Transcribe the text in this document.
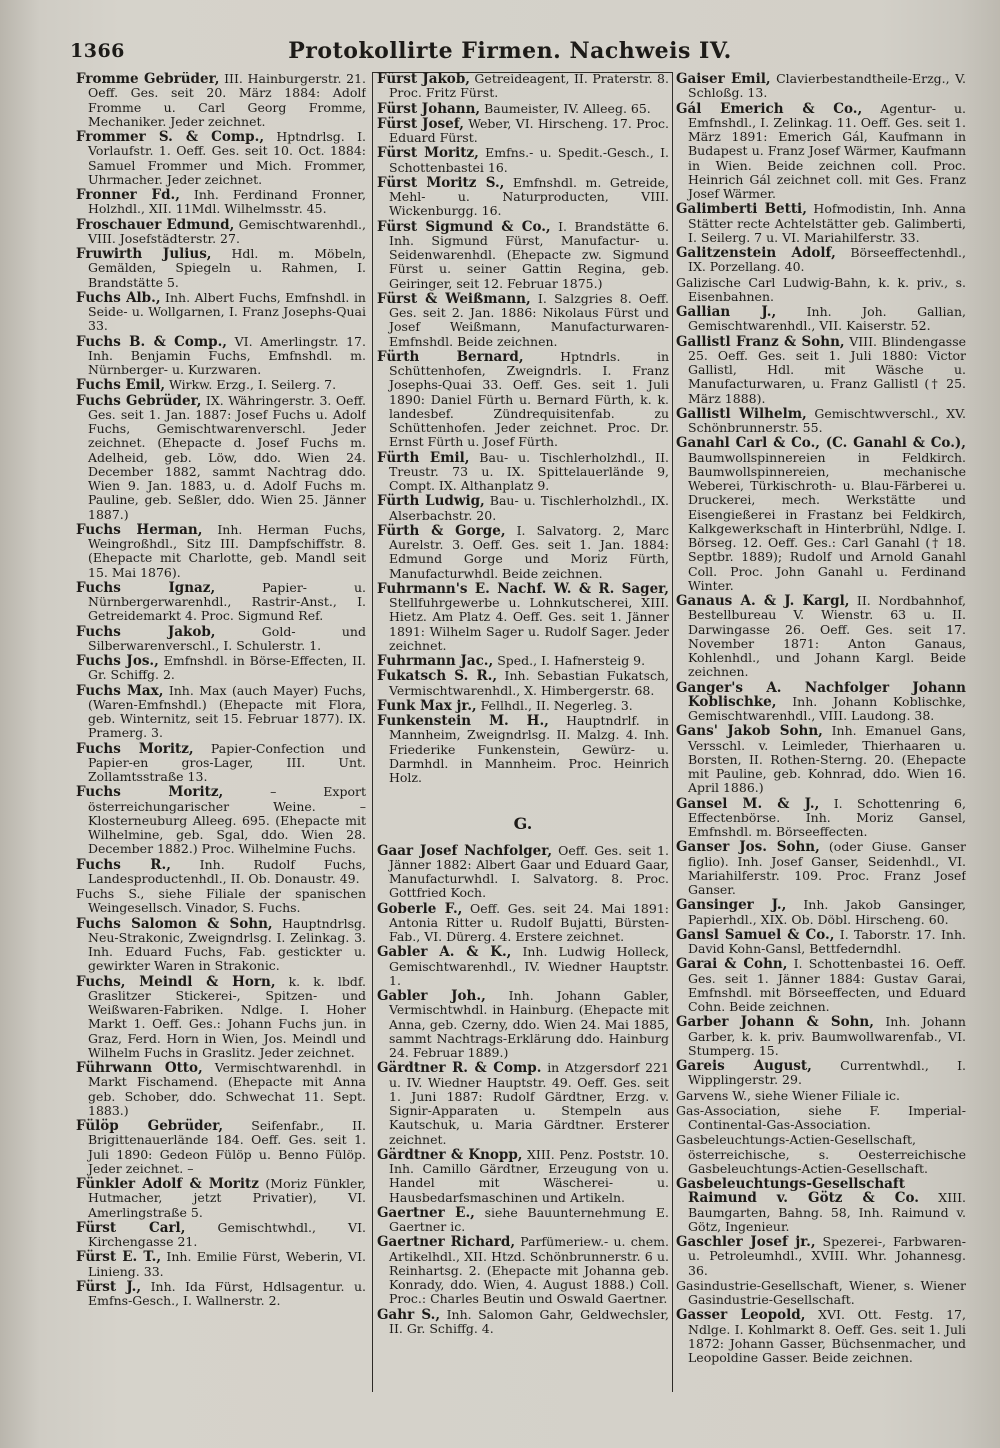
1366	Protokollirte Firmen. Nachweis IV.

Fromme Gebrüder, III. Hainburgerstr. 21. Oeff. Ges. seit 20. März 1884: Adolf Fromme u. Carl Georg Fromme, Mechaniker. Jeder zeichnet.

Frommer S. & Comp., Hptndrlsg. I. Vorlaufstr. 1. Oeff. Ges. seit 10. Oct. 1884: Samuel Frommer und Mich. Frommer, Uhrmacher. Jeder zeichnet.

Fronner Fd., Inh. Ferdinand Fronner, Holzhdl., XII. 11Mdl. Wilhelmsstr. 45.

Froschauer Edmund, Gemischtwarenhdl., VIII. Josefstädterstr. 27.

Fruwirth Julius, Hdl. m. Möbeln, Gemälden, Spiegeln u. Rahmen, I. Brandstätte 5.

Fuchs Alb., Inh. Albert Fuchs, Emfnshdl. in Seide- u. Wollgarnen, I. Franz Josephs-Quai 33.

Fuchs B. & Comp., VI. Amerlingstr. 17. Inh. Benjamin Fuchs, Emfnshdl. m. Nürnberger- u. Kurzwaren.

Fuchs Emil, Wirkw. Erzg., I. Seilerg. 7.

Fuchs Gebrüder, IX. Währingerstr. 3. Oeff. Ges. seit 1. Jan. 1887: Josef Fuchs u. Adolf Fuchs, Gemischtwarenverschl. Jeder zeichnet. (Ehepacte d. Josef Fuchs m. Adelheid, geb. Löw, ddo. Wien 24. December 1882, sammt Nachtrag ddo. Wien 9. Jan. 1883, u. d. Adolf Fuchs m. Pauline, geb. Seßler, ddo. Wien 25. Jänner 1887.)

Fuchs Herman, Inh. Herman Fuchs, Weingroßhdl., Sitz III. Dampfschiffstr. 8. (Ehepacte mit Charlotte, geb. Mandl seit 15. Mai 1876).

Fuchs Ignaz, Papier- u. Nürnbergerwarenhdl., Rastrir-Anst., I. Getreidemarkt 4. Proc. Sigmund Ref.

Fuchs Jakob, Gold- und Silberwarenverschl., I. Schulerstr. 1.

Fuchs Jos., Emfnshdl. in Börse-Effecten, II. Gr. Schiffg. 2.

Fuchs Max, Inh. Max (auch Mayer) Fuchs, (Waren-Emfnshdl.) (Ehepacte mit Flora, geb. Winternitz, seit 15. Februar 1877). IX. Pramerg. 3.

Fuchs Moritz, Papier-Confection und Papier-en gros-Lager, III. Unt. Zollamtsstraße 13.

Fuchs Moritz, – Export österreichungarischer Weine. – Klosterneuburg Alleeg. 695. (Ehepacte mit Wilhelmine, geb. Sgal, ddo. Wien 28. December 1882.) Proc. Wilhelmine Fuchs.

Fuchs R., Inh. Rudolf Fuchs, Landesproductenhdl., II. Ob. Donaustr. 49.

Fuchs S., siehe Filiale der spanischen Weingesellsch. Vinador, S. Fuchs.

Fuchs Salomon & Sohn, Hauptndrlsg. Neu-Strakonic, Zweigndrlsg. I. Zelinkag. 3. Inh. Eduard Fuchs, Fab. gestickter u. gewirkter Waren in Strakonic.

Fuchs, Meindl & Horn, k. k. lbdf. Graslitzer Stickerei-, Spitzen- und Weißwaren-Fabriken. Ndlge. I. Hoher Markt 1. Oeff. Ges.: Johann Fuchs jun. in Graz, Ferd. Horn in Wien, Jos. Meindl und Wilhelm Fuchs in Graslitz. Jeder zeichnet.

Führwann Otto, Vermischtwarenhdl. in Markt Fischamend. (Ehepacte mit Anna geb. Schober, ddo. Schwechat 11. Sept. 1883.)

Fülöp Gebrüder, Seifenfabr., II. Brigittenauerlände 184. Oeff. Ges. seit 1. Juli 1890: Gedeon Fülöp u. Benno Fülöp. Jeder zeichnet. –

Fünkler Adolf & Moritz (Moriz Fünkler, Hutmacher, jetzt Privatier), VI. Amerlingstraße 5.

Fürst Carl, Gemischtwhdl., VI. Kirchengasse 21.

Fürst E. T., Inh. Emilie Fürst, Weberin, VI. Linieng. 33.

Fürst J., Inh. Ida Fürst, Hdlsagentur. u. Emfns-Gesch., I. Wallnerstr. 2.

Fürst Jakob, Getreideagent, II. Praterstr. 8. Proc. Fritz Fürst.

Fürst Johann, Baumeister, IV. Alleeg. 65.

Fürst Josef, Weber, VI. Hirscheng. 17. Proc. Eduard Fürst.

Fürst Moritz, Emfns.- u. Spedit.-Gesch., I. Schottenbastei 16.

Fürst Moritz S., Emfnshdl. m. Getreide, Mehl- u. Naturproducten, VIII. Wickenburgg. 16.

Fürst Sigmund & Co., I. Brandstätte 6. Inh. Sigmund Fürst, Manufactur- u. Seidenwarenhdl. (Ehepacte zw. Sigmund Fürst u. seiner Gattin Regina, geb. Geiringer, seit 12. Februar 1875.)

Fürst & Weißmann, I. Salzgries 8. Oeff. Ges. seit 2. Jan. 1886: Nikolaus Fürst und Josef Weißmann, Manufacturwaren-Emfnshdl. Beide zeichnen.

Fürth Bernard, Hptndrls. in Schüttenhofen, Zweigndrls. I. Franz Josephs-Quai 33. Oeff. Ges. seit 1. Juli 1890: Daniel Fürth u. Bernard Fürth, k. k. landesbef. Zündrequisitenfab. zu Schüttenhofen. Jeder zeichnet. Proc. Dr. Ernst Fürth u. Josef Fürth.

Fürth Emil, Bau- u. Tischlerholzhdl., II. Treustr. 73 u. IX. Spittelauerlände 9, Compt. IX. Althanplatz 9.

Fürth Ludwig, Bau- u. Tischlerholzhdl., IX. Alserbachstr. 20.

Fürth & Gorge, I. Salvatorg. 2, Marc Aurelstr. 3. Oeff. Ges. seit 1. Jan. 1884: Edmund Gorge und Moriz Fürth, Manufacturwhdl. Beide zeichnen.

Fuhrmann's E. Nachf. W. & R. Sager, Stellfuhrgewerbe u. Lohnkutscherei, XIII. Hietz. Am Platz 4. Oeff. Ges. seit 1. Jänner 1891: Wilhelm Sager u. Rudolf Sager. Jeder zeichnet.

Fuhrmann Jac., Sped., I. Hafnersteig 9.

Fukatsch S. R., Inh. Sebastian Fukatsch, Vermischtwarenhdl., X. Himbergerstr. 68.

Funk Max jr., Fellhdl., II. Negerleg. 3.

Funkenstein M. H., Hauptndrlf. in Mannheim, Zweigndrlsg. II. Malzg. 4. Inh. Friederike Funkenstein, Gewürz- u. Darmhdl. in Mannheim. Proc. Heinrich Holz.

G.

Gaar Josef Nachfolger, Oeff. Ges. seit 1. Jänner 1882: Albert Gaar und Eduard Gaar, Manufacturwhdl. I. Salvatorg. 8. Proc. Gottfried Koch.

Goberle F., Oeff. Ges. seit 24. Mai 1891: Antonia Ritter u. Rudolf Bujatti, Bürsten-Fab., VI. Dürerg. 4. Erstere zeichnet.

Gabler A. & K., Inh. Ludwig Holleck, Gemischtwarenhdl., IV. Wiedner Hauptstr. 1.

Gabler Joh., Inh. Johann Gabler, Vermischtwhdl. in Hainburg. (Ehepacte mit Anna, geb. Czerny, ddo. Wien 24. Mai 1885, sammt Nachtrags-Erklärung ddo. Hainburg 24. Februar 1889.)

Gärdtner R. & Comp. in Atzgersdorf 221 u. IV. Wiedner Hauptstr. 49. Oeff. Ges. seit 1. Juni 1887: Rudolf Gärdtner, Erzg. v. Signir-Apparaten u. Stempeln aus Kautschuk, u. Maria Gärdtner. Ersterer zeichnet.

Gärdtner & Knopp, XIII. Penz. Poststr. 10. Inh. Camillo Gärdtner, Erzeugung von u. Handel mit Wäscherei- u. Hausbedarfsmaschinen und Artikeln.

Gaertner E., siehe Bauunternehmung E. Gaertner ic.

Gaertner Richard, Parfümeriew.- u. chem. Artikelhdl., XII. Htzd. Schönbrunnerstr. 6 u. Reinhartsg. 2. (Ehepacte mit Johanna geb. Konrady, ddo. Wien, 4. August 1888.) Coll. Proc.: Charles Beutin und Oswald Gaertner.

Gahr S., Inh. Salomon Gahr, Geldwechsler, II. Gr. Schiffg. 4.

Gaiser Emil, Clavierbestandtheile-Erzg., V. Schloßg. 13.

Gál Emerich & Co., Agentur- u. Emfnshdl., I. Zelinkag. 11. Oeff. Ges. seit 1. März 1891: Emerich Gál, Kaufmann in Budapest u. Franz Josef Wärmer, Kaufmann in Wien. Beide zeichnen coll. Proc. Heinrich Gál zeichnet coll. mit Ges. Franz Josef Wärmer.

Galimberti Betti, Hofmodistin, Inh. Anna Stätter recte Achtelstätter geb. Galimberti, I. Seilerg. 7 u. VI. Mariahilferstr. 33.

Galitzenstein Adolf, Börseeffectenhdl., IX. Porzellang. 40.

Galizische Carl Ludwig-Bahn, k. k. priv., s. Eisenbahnen.

Gallian J., Inh. Joh. Gallian, Gemischtwarenhdl., VII. Kaiserstr. 52.

Gallistl Franz & Sohn, VIII. Blindengasse 25. Oeff. Ges. seit 1. Juli 1880: Victor Gallistl, Hdl. mit Wäsche u. Manufacturwaren, u. Franz Gallistl († 25. März 1888).

Gallistl Wilhelm, Gemischtwverschl., XV. Schönbrunnerstr. 55.

Ganahl Carl & Co., (C. Ganahl & Co.), Baumwollspinnereien in Feldkirch. Baumwollspinnereien, mechanische Weberei, Türkischroth- u. Blau-Färberei u. Druckerei, mech. Werkstätte und Eisengießerei in Frastanz bei Feldkirch, Kalkgewerkschaft in Hinterbrühl, Ndlge. I. Börseg. 12. Oeff. Ges.: Carl Ganahl († 18. Septbr. 1889); Rudolf und Arnold Ganahl Coll. Proc. John Ganahl u. Ferdinand Winter.

Ganaus A. & J. Kargl, II. Nordbahnhof, Bestellbureau V. Wienstr. 63 u. II. Darwingasse 26. Oeff. Ges. seit 17. November 1871: Anton Ganaus, Kohlenhdl., und Johann Kargl. Beide zeichnen.

Ganger's A. Nachfolger Johann Koblischke, Inh. Johann Koblischke, Gemischtwarenhdl., VIII. Laudong. 38.

Gans' Jakob Sohn, Inh. Emanuel Gans, Versschl. v. Leimleder, Thierhaaren u. Borsten, II. Rothen-Sterng. 20. (Ehepacte mit Pauline, geb. Kohnrad, ddo. Wien 16. April 1886.)

Gansel M. & J., I. Schottenring 6, Effectenbörse. Inh. Moriz Gansel, Emfnshdl. m. Börseeffecten.

Ganser Jos. Sohn, (oder Giuse. Ganser figlio). Inh. Josef Ganser, Seidenhdl., VI. Mariahilferstr. 109. Proc. Franz Josef Ganser.

Gansinger J., Inh. Jakob Gansinger, Papierhdl., XIX. Ob. Döbl. Hirscheng. 60.

Gansl Samuel & Co., I. Taborstr. 17. Inh. David Kohn-Gansl, Bettfederndhl.

Garai & Cohn, I. Schottenbastei 16. Oeff. Ges. seit 1. Jänner 1884: Gustav Garai, Emfnshdl. mit Börseeffecten, und Eduard Cohn. Beide zeichnen.

Garber Johann & Sohn, Inh. Johann Garber, k. k. priv. Baumwollwarenfab., VI. Stumperg. 15.

Gareis August, Currentwhdl., I. Wipplingerstr. 29.

Garvens W., siehe Wiener Filiale ic.

Gas-Association, siehe F. Imperial-Continental-Gas-Association.

Gasbeleuchtungs-Actien-Gesellschaft, österreichische, s. Oesterreichische Gasbeleuchtungs-Actien-Gesellschaft.

Gasbeleuchtungs-Gesellschaft Raimund v. Götz & Co. XIII. Baumgarten, Bahng. 58, Inh. Raimund v. Götz, Ingenieur.

Gaschler Josef jr., Spezerei-, Farbwaren- u. Petroleumhdl., XVIII. Whr. Johannesg. 36.

Gasindustrie-Gesellschaft, Wiener, s. Wiener Gasindustrie-Gesellschaft.

Gasser Leopold, XVI. Ott. Festg. 17, Ndlge. I. Kohlmarkt 8. Oeff. Ges. seit 1. Juli 1872: Johann Gasser, Büchsenmacher, und Leopoldine Gasser. Beide zeichnen.
